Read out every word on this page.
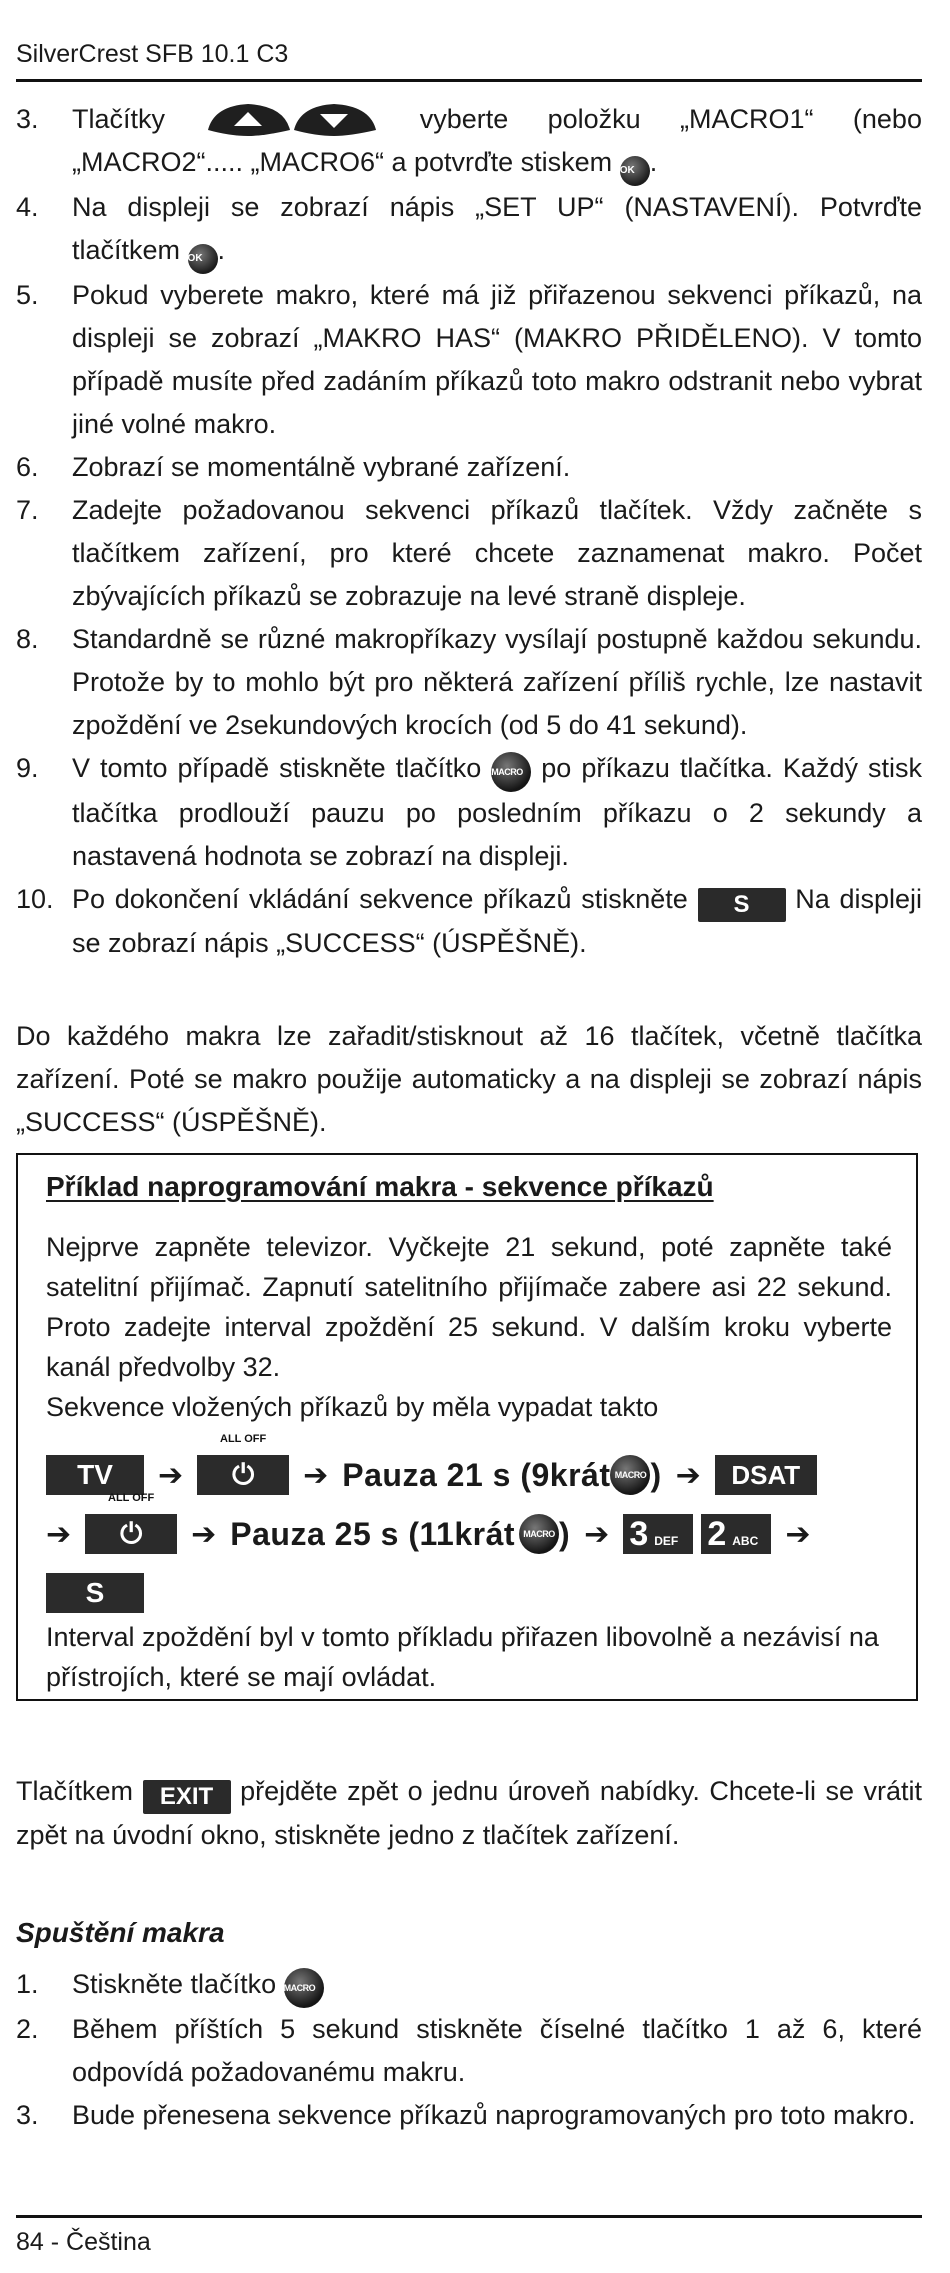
SilverCrest SFB 10.1 C3
3. Tlačítky	vyberte položku „MACRO1“ (nebo „MACRO2“..... „MACRO6“ a potvrďte stiskem OK .

4. Na displeji se zobrazí nápis „SET UP“ (NASTAVENÍ). Potvrďte tlačítkem OK .

5. Pokud vyberete makro, které má již přiřazenou sekvenci příkazů, na displeji se zobrazí „MAKRO HAS“ (MAKRO PŘIDĚLENO). V tomto případě musíte před zadáním příkazů toto makro odstranit nebo vybrat jiné volné makro.

6. Zobrazí se momentálně vybrané zařízení.

7. Zadejte požadovanou sekvenci příkazů tlačítek. Vždy začněte s tlačítkem zařízení, pro které chcete zaznamenat makro. Počet zbývajících příkazů se zobrazuje na levé straně displeje.

8. Standardně se různé makropříkazy vysílají postupně každou sekundu. Protože by to mohlo být pro některá zařízení příliš rychle, lze nastavit zpoždění ve 2sekundových krocích (od 5 do 41 sekund).

9. V tomto případě stiskněte tlačítko MACRO po příkazu tlačítka. Každý stisk tlačítka prodlouží pauzu po posledním příkazu o 2 sekundy a nastavená hodnota se zobrazí na displeji.

10. Po dokončení vkládání sekvence příkazů stiskněte S Na displeji se zobrazí nápis „SUCCESS“ (ÚSPĚŠNĚ).

Do každého makra lze zařadit/stisknout až 16 tlačítek, včetně tlačítka zařízení. Poté se makro použije automaticky a na displeji se zobrazí nápis „SUCCESS“ (ÚSPĚŠNĚ).
Příklad naprogramování makra - sekvence příkazů
Nejprve zapněte televizor. Vyčkejte 21 sekund, poté zapněte také satelitní přijímač. Zapnutí satelitního přijímače zabere asi 22 sekund. Proto zadejte interval zpoždění 25 sekund. V dalším kroku vyberte kanál předvolby 32.
Sekvence vložených příkazů by měla vypadat takto
TV	➔
ALL OFF
⏻	➔ Pauza 21 s (9krát MACRO ) ➔	DSAT
➔
ALL OFF
⏻	➔ Pauza 25 s (11krát MACRO ) ➔ 3 DEF 2 ABC ➔
S
Interval zpoždění byl v tomto příkladu přiřazen libovolně a nezávisí na přístrojích, které se mají ovládat.
Tlačítkem EXIT přejděte zpět o jednu úroveň nabídky. Chcete-li se vrátit zpět na úvodní okno, stiskněte jedno z tlačítek zařízení.
Spuštění makra
1. Stiskněte tlačítko MACRO

2. Během příštích 5 sekund stiskněte číselné tlačítko 1 až 6, které odpovídá požadovanému makru.

3. Bude přenesena sekvence příkazů naprogramovaných pro toto makro.

84 - Čeština
